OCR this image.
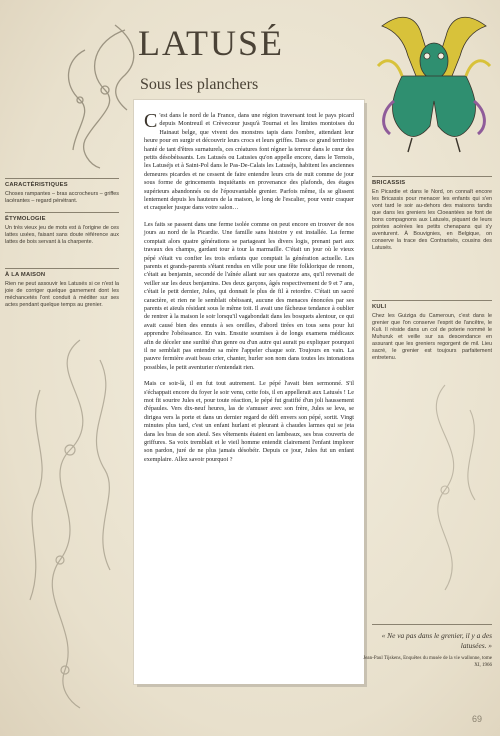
LATUSÉ
Sous les planchers

C 'est dans le nord de la France, dans une région traversant tout le pays picard depuis Montreuil et Crèvecœur jusqu'à Tournai et les limites montoises du Hainaut belge, que vivent des monstres tapis dans l'ombre, attendant leur heure pour en surgir et découvrir leurs crocs et leurs griffes. Dans ce grand territoire hanté de tant d'êtres surnaturels, ces créatures font régner la terreur dans le cœur des petits désobéissants. Les Latusés ou Latusies qu'on appelle encore, dans le Ternois, les Latuséjs et à Saint-Pol dans le Pas-De-Calais les Latuséjs, habitent les anciennes demeures picardes et ne cessent de faire entendre leurs cris de nuit comme de jour sous forme de grincements inquiétants en provenance des plafonds, des étages supérieurs abandonnés ou de l'épouvantable grenier. Parfois même, ils se glissent lentement depuis les hauteurs de la maison, le long de l'escalier, pour venir craquer et craqueler jusque dans votre salon…

Les faits se passent dans une ferme isolée comme on peut encore en trouver de nos jours au nord de la Picardie. Une famille sans histoire y est installée. La ferme comptait alors quatre générations se partageant les divers logis, prenant part aux travaux des champs, gardant tour à tour la marmaille. C'était un jour où le vieux pépé s'était vu confier les trois enfants que comptait la génération actuelle. Les parents et grands-parents s'étant rendus en ville pour une fête folklorique de renom, c'était au benjamin, secondé de l'aînée allant sur ses quatorze ans, qu'il revenait de veiller sur les deux benjamins. Des deux garçons, âgés respectivement de 9 et 7 ans, c'était le petit dernier, Jules, qui donnait le plus de fil à retordre. C'était un sacré caractère, et rien ne le semblait obéissant, aucune des menaces énoncées par ses parents et aïeuls résidant sous le même toit. Il avait une fâcheuse tendance à oublier de rentrer à la maison le soir lorsqu'il vagabondait dans les bosquets alentour, ce qui avait causé bien des ennuis à ses oreilles, d'abord tirées en tous sens pour lui apprendre l'obéissance. En vain. Ensuite soumises à de longs examens médicaux afin de déceler une surdité d'un genre ou d'un autre qui aurait pu expliquer pourquoi il ne semblait pas entendre sa mère l'appeler chaque soir. Toujours en vain. La pauvre fermière avait beau crier, chanter, hurler son nom dans toutes les intonations possibles, le petit aventurier n'entendait rien.

Mais ce soir-là, il en fut tout autrement. Le pépé l'avait bien sermonné. S'il s'échappait encore du foyer le soir venu, cette fois, il en appellerait aux Latusés ! Le mot fit sourire Jules et, pour toute réaction, le pépé fut gratifié d'un joli haussement d'épaules. Vers dix-neuf heures, las de s'amuser avec son frère, Jules se leva, se dirigea vers la porte et dans un dernier regard de défi envers son pépé, sortit. Vingt minutes plus tard, c'est un enfant hurlant et pleurant à chaudes larmes qui se jeta dans les bras de son aïeul. Ses vêtements étaient en lambeaux, ses bras couverts de griffures. Sa voix tremblait et le vieil homme entendit clairement l'enfant implorer son pardon, juré de ne plus jamais désobéir. Depuis ce jour, Jules fut un enfant exemplaire. Allez savoir pourquoi ?

CARACTÉRISTIQUES
Choses rampantes – bras accrocheurs – griffes lacérantes – regard pénétrant.
ÉTYMOLOGIE
Un très vieux jeu de mots est à l'origine de ces lattes usées, faisant sans doute référence aux lattes de bois servant à la charpente.
À LA MAISON
Rien ne peut assouvir les Latusés si ce n'est la joie de corriger quelque garnement dont les méchancetés l'ont conduit à méditer sur ses actes pendant quelque temps au grenier.
BRICASSIS
En Picardie et dans le Nord, on connaît encore les Bricassis pour menacer les enfants qui s'en vont tard le soir au-dehors des maisons tandis que dans les greniers les Cloeantées se font de bons compagnons aux Latusés, piquant de leurs pointes acérées les petits chenapans qui s'y aventurent. À Bouvignies, en Belgique, on conserve la trace des Contrarisés, cousins des Latusés.
KULI
Chez les Guiziga du Cameroun, c'est dans le grenier que l'on conserve l'esprit de l'ancêtre, le Kuli. Il réside dans un col de poterie nommé le Muhuruk et veille sur sa descendance en assurant que les greniers regorgent de mil. Lieu sacré, le grenier est toujours parfaitement entretenu.
« Ne va pas dans le grenier, il y a des latusées. »
Jean-Paul Tijskens, Enquêtes du musée de la vie wallonne, tome XI, 1966
69
